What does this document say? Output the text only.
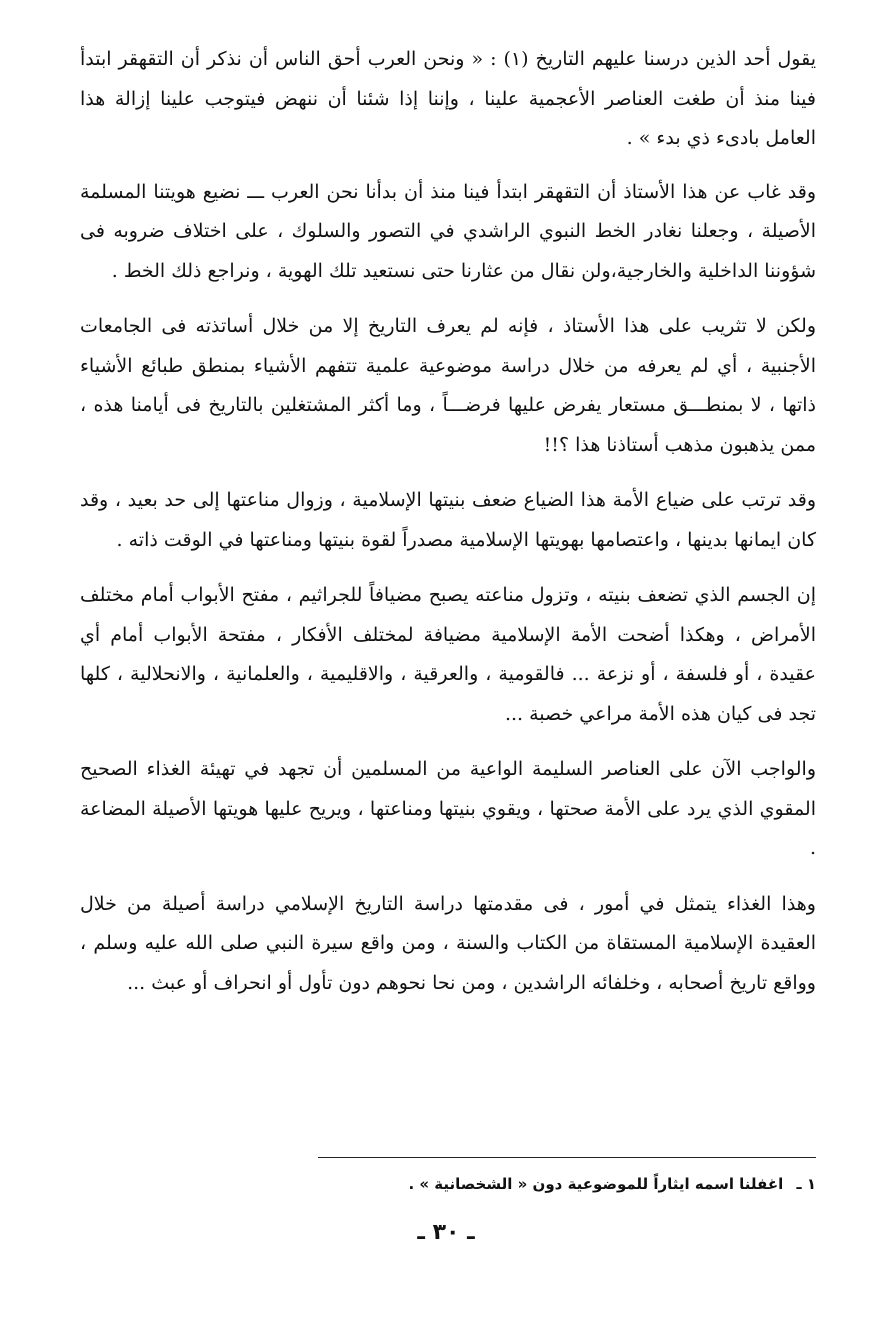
يقول أحد الذين درسنا عليهم التاريخ (١) : « ونحن العرب أحق الناس أن نذكر أن التقهقر ابتدأ فينا منذ أن طغت العناصر الأعجمية علينا ، وإننا إذا شئنا أن ننهض فيتوجب علينا إزالة هذا العامل بادىء ذي بدء » .

وقد غاب عن هذا الأستاذ أن التقهقر ابتدأ فينا منذ أن بدأنا نحن العرب ـــ نضيع هويتنا المسلمة الأصيلة ، وجعلنا نغادر الخط النبوي الراشدي في التصور والسلوك ، على اختلاف ضروبه فى شؤوننا الداخلية والخارجية،ولن نقال من عثارنا حتى نستعيد تلك الهوية ، ونراجع ذلك الخط .

ولكن لا تثريب على هذا الأستاذ ، فإنه لم يعرف التاريخ إلا من خلال أساتذته فى الجامعات الأجنبية ، أي لم يعرفه من خلال دراسة موضوعية علمية تتفهم الأشياء بمنطق طبائع الأشياء ذاتها ، لا بمنطـــق مستعار يفرض عليها فرضـــاً ، وما أكثر المشتغلين بالتاريخ فى أيامنا هذه ، ممن يذهبون مذهب أستاذنا هذا ؟!!

وقد ترتب على ضياع الأمة هذا الضياع ضعف بنيتها الإسلامية ، وزوال مناعتها إلى حد بعيد ، وقد كان ايمانها بدينها ، واعتصامها بهويتها الإسلامية مصدراً لقوة بنيتها ومناعتها في الوقت ذاته .

إن الجسم الذي تضعف بنيته ، وتزول مناعته يصبح مضيافاً للجراثيم ، مفتح الأبواب أمام مختلف الأمراض ، وهكذا أضحت الأمة الإسلامية مضيافة لمختلف الأفكار ، مفتحة الأبواب أمام أي عقيدة ، أو فلسفة ، أو نزعة ... فالقومية ، والعرقية ، والاقليمية ، والعلمانية ، والانحلالية ، كلها تجد فى كيان هذه الأمة مراعي خصبة ...

والواجب الآن على العناصر السليمة الواعية من المسلمين أن تجهد في تهيئة الغذاء الصحيح المقوي الذي يرد على الأمة صحتها ، ويقوي بنيتها ومناعتها ، ويريح عليها هويتها الأصيلة المضاعة .

وهذا الغذاء يتمثل في أمور ، فى مقدمتها دراسة التاريخ الإسلامي دراسة أصيلة من خلال العقيدة الإسلامية المستقاة من الكتاب والسنة ، ومن واقع سيرة النبي صلى الله عليه وسلم ، وواقع تاريخ أصحابه ، وخلفائه الراشدين ، ومن نحا نحوهم دون تأول أو انحراف أو عبث ...

١ ـ اغفلنا اسمه ايثاراً للموضوعية دون « الشخصانية » .
ـ ٣٠ ـ
